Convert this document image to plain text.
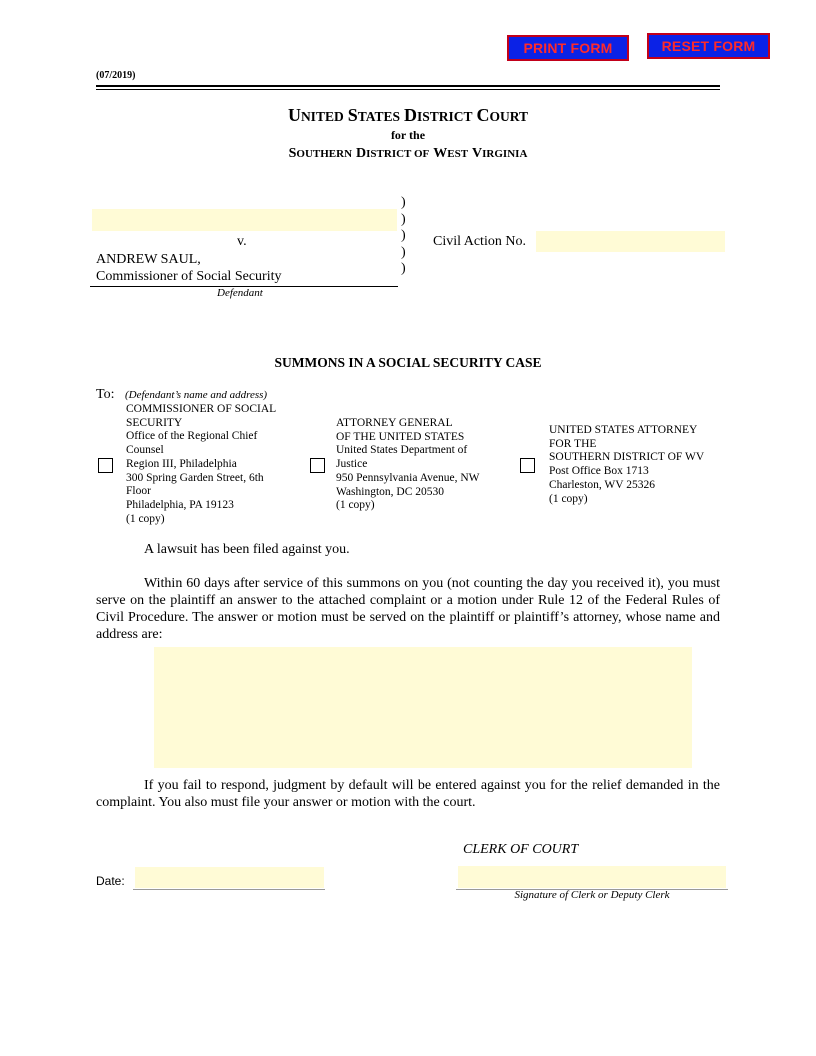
PRINT FORM	RESET FORM
(07/2019)
UNITED STATES DISTRICT COURT
for the
SOUTHERN DISTRICT OF WEST VIRGINIA
v.
ANDREW SAUL,
Commissioner of Social Security
Defendant
)
)
)
)
)
Civil Action No.
SUMMONS IN A SOCIAL SECURITY CASE
To: (Defendant’s name and address)
COMMISSIONER OF SOCIAL
SECURITY
Office of the Regional Chief
Counsel
Region III, Philadelphia
300 Spring Garden Street, 6th
Floor
Philadelphia, PA 19123
(1 copy)
ATTORNEY GENERAL
OF THE UNITED STATES
United States Department of
Justice
950 Pennsylvania Avenue, NW
Washington, DC 20530
(1 copy)
UNITED STATES ATTORNEY
FOR THE
SOUTHERN DISTRICT OF WV
Post Office Box 1713
Charleston, WV 25326
(1 copy)
A lawsuit has been filed against you.
Within 60 days after service of this summons on you (not counting the day you received it), you must serve on the plaintiff an answer to the attached complaint or a motion under Rule 12 of the Federal Rules of Civil Procedure. The answer or motion must be served on the plaintiff or plaintiff’s attorney, whose name and address are:
If you fail to respond, judgment by default will be entered against you for the relief demanded in the complaint. You also must file your answer or motion with the court.
CLERK OF COURT
Date:
Signature of Clerk or Deputy Clerk
